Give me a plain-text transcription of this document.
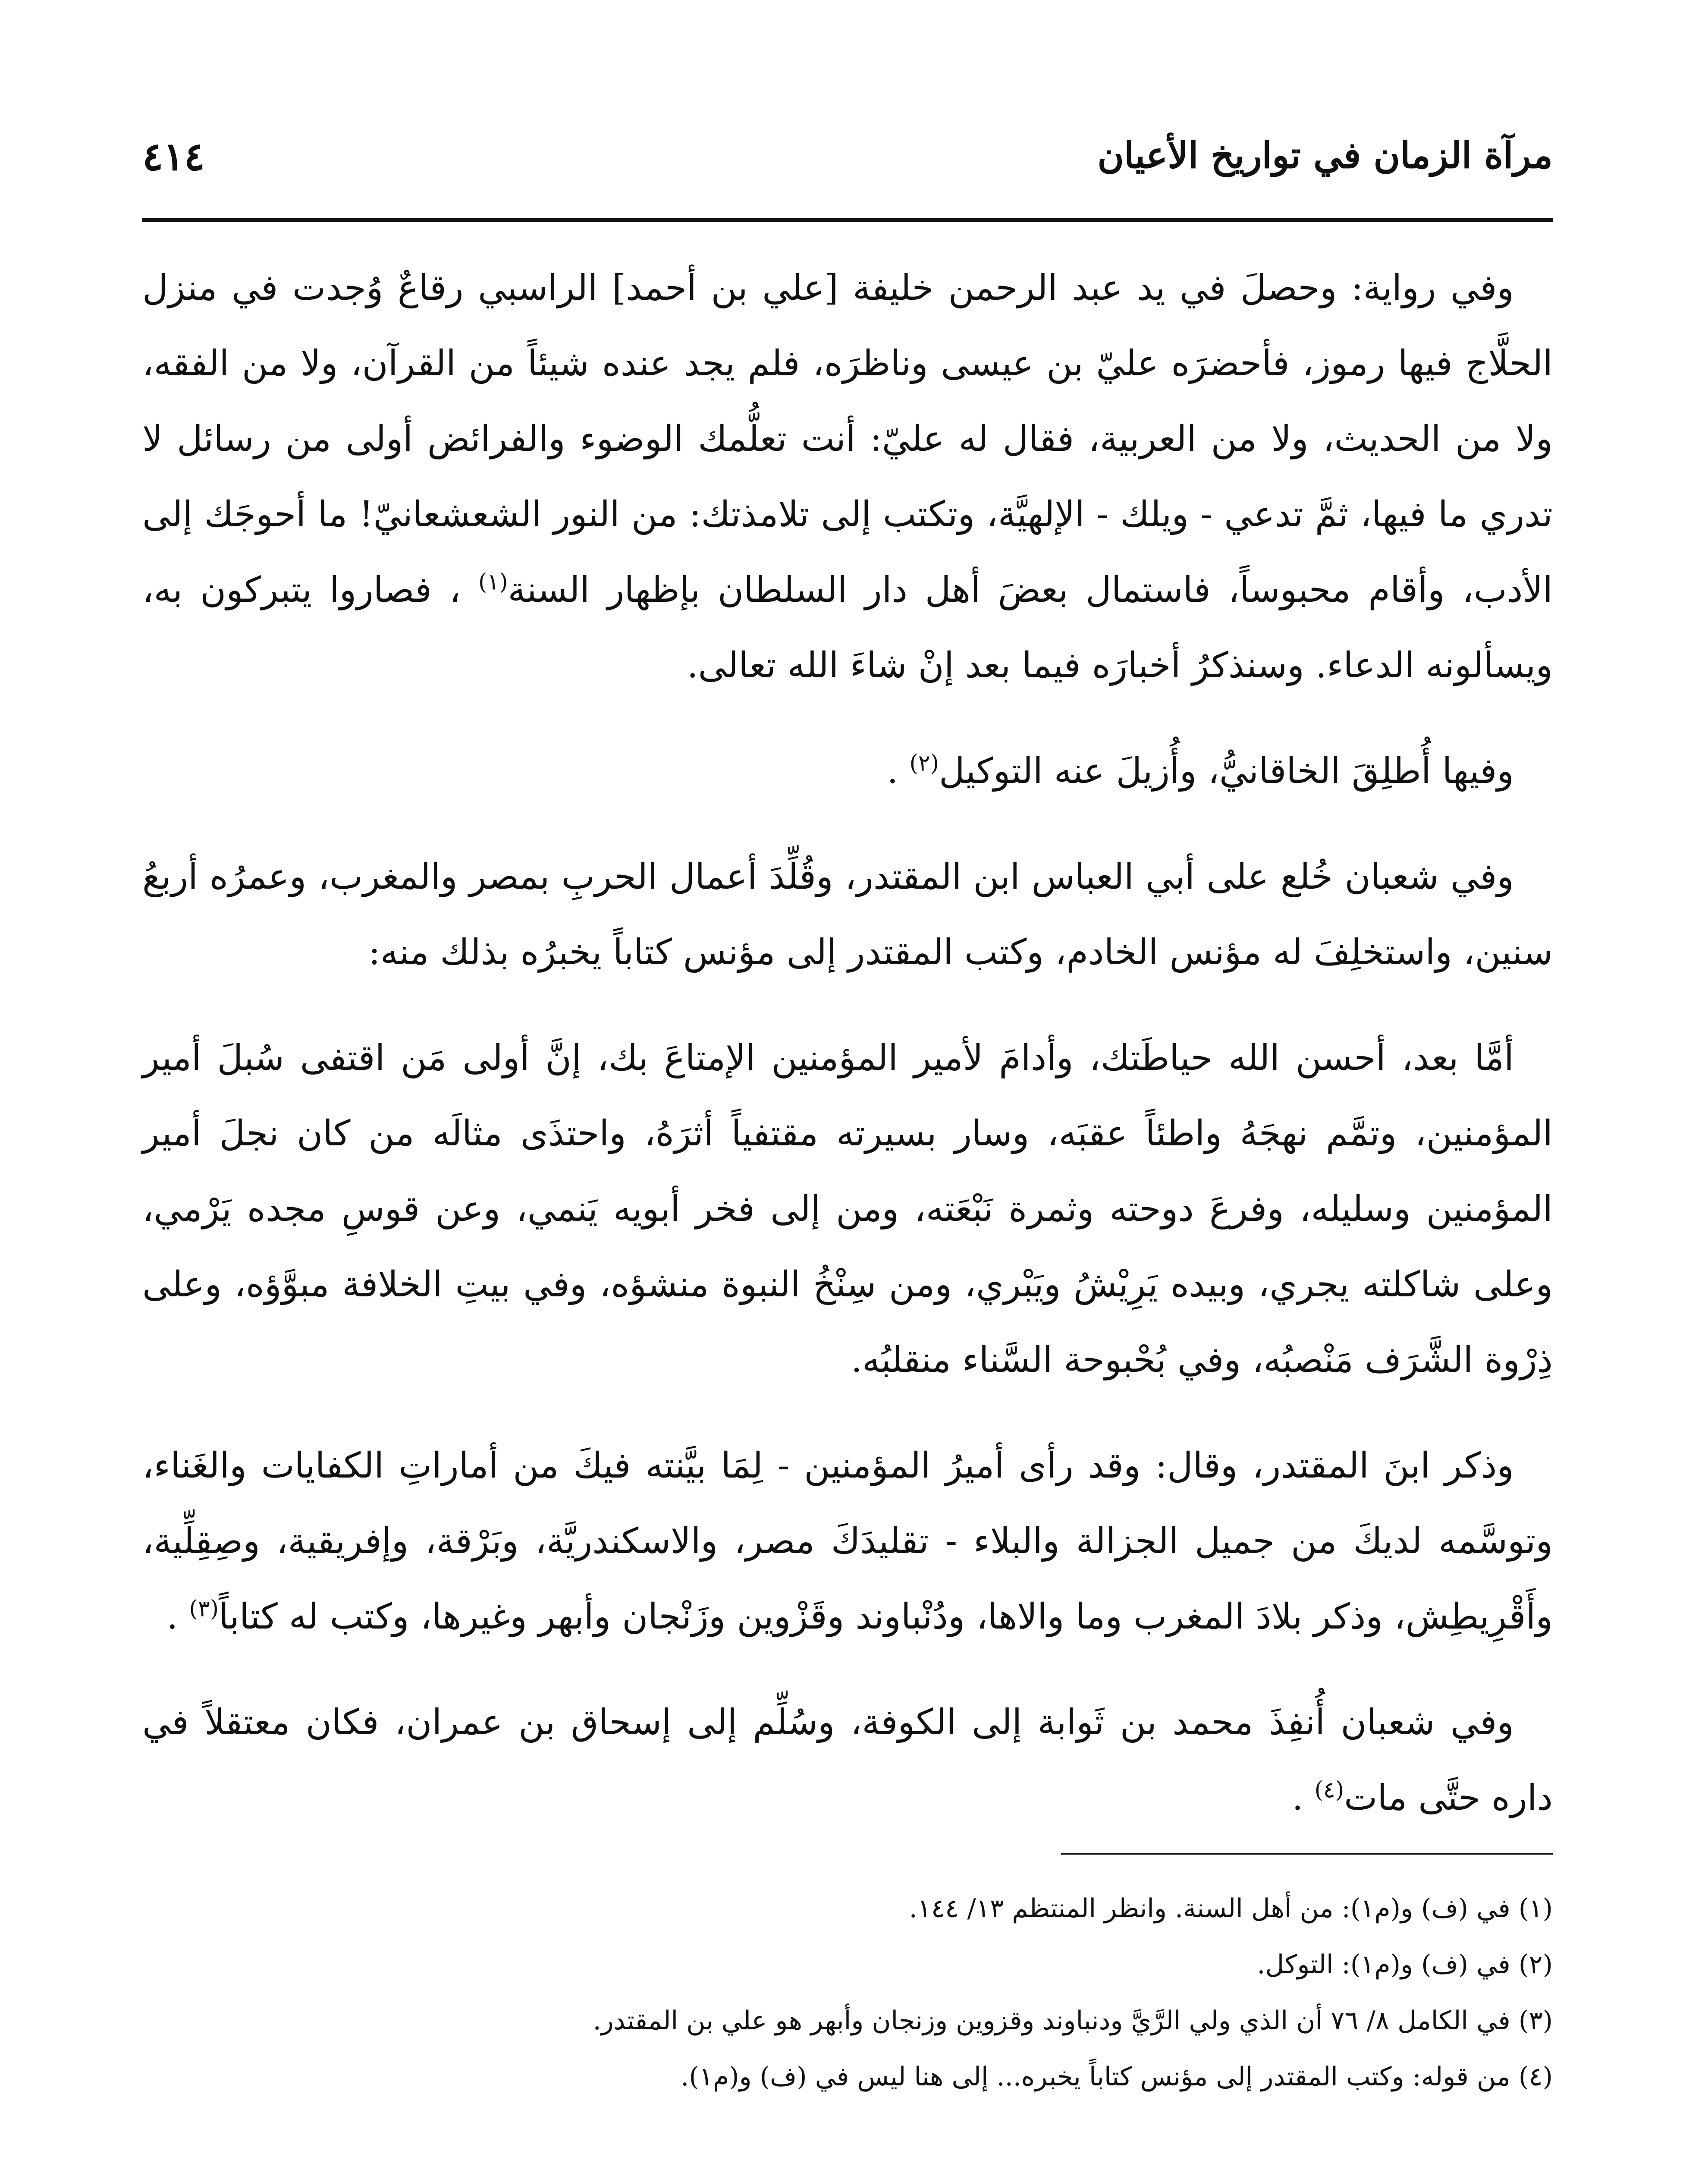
مرآة الزمان في تواريخ الأعيان
٤١٤

وفي رواية: وحصلَ في يد عبد الرحمن خليفة [علي بن أحمد] الراسبي رقاعٌ وُجدت في منزل الحلَّاج فيها رموز، فأحضرَه عليّ بن عيسى وناظرَه، فلم يجد عنده شيئاً من القرآن، ولا من الفقه، ولا من الحديث، ولا من العربية، فقال له عليّ: أنت تعلُّمك الوضوء والفرائض أولى من رسائل لا تدري ما فيها، ثمَّ تدعي - ويلك - الإلهيَّة، وتكتب إلى تلامذتك: من النور الشعشعانيّ! ما أحوجَك إلى الأدب، وأقام محبوساً، فاستمال بعضَ أهل دار السلطان بإظهار السنة$^{(١)}$ ، فصاروا يتبركون به، ويسألونه الدعاء. وسنذكرُ أخبارَه فيما بعد إنْ شاءَ الله تعالى.

وفيها أُطلِقَ الخاقانيُّ، وأُزيلَ عنه التوكيل$^{(٢)}$ .

وفي شعبان خُلع على أبي العباس ابن المقتدر، وقُلِّدَ أعمال الحربِ بمصر والمغرب، وعمرُه أربعُ سنين، واستخلِفَ له مؤنس الخادم، وكتب المقتدر إلى مؤنس كتاباً يخبرُه بذلك منه:

أمَّا بعد، أحسن الله حياطَتك، وأدامَ لأمير المؤمنين الإمتاعَ بك، إنَّ أولى مَن اقتفى سُبلَ أمير المؤمنين، وتمَّم نهجَهُ واطئاً عقبَه، وسار بسيرته مقتفياً أثرَهُ، واحتذَى مثالَه من كان نجلَ أمير المؤمنين وسليله، وفرعَ دوحته وثمرة نَبْعَته، ومن إلى فخر أبويه يَنمي، وعن قوسِ مجده يَرْمي، وعلى شاكلته يجري، وبيده يَرِيْشُ ويَبْري، ومن سِنْخُ النبوة منشؤه، وفي بيتِ الخلافة مبوَّؤه، وعلى ذِرْوة الشَّرَف مَنْصبُه، وفي بُحْبوحة السَّناء منقلبُه.

وذكر ابنَ المقتدر، وقال: وقد رأى أميرُ المؤمنين - لِمَا بيَّنته فيكَ من أماراتِ الكفايات والغَناء، وتوسَّمه لديكَ من جميل الجزالة والبلاء - تقليدَكَ مصر، والاسكندريَّة، وبَرْقة، وإفريقية، وصِقِلِّية، وأَقْرِيطِش، وذكر بلادَ المغرب وما والاها، ودُنْباوند وقَزْوين وزَنْجان وأبهر وغيرها، وكتب له كتاباً$^{(٣)}$ .

وفي شعبان أُنفِذَ محمد بن ثَوابة إلى الكوفة، وسُلِّم إلى إسحاق بن عمران، فكان معتقلاً في داره حتَّى مات$^{(٤)}$ .

(١) في (ف) و(م١): من أهل السنة. وانظر المنتظم ١٣/ ١٤٤.

(٢) في (ف) و(م١): التوكل.

(٣) في الكامل ٨/ ٧٦ أن الذي ولي الرَّيَّ ودنباوند وقزوين وزنجان وأبهر هو علي بن المقتدر.

(٤) من قوله: وكتب المقتدر إلى مؤنس كتاباً يخبره... إلى هنا ليس في (ف) و(م١).
